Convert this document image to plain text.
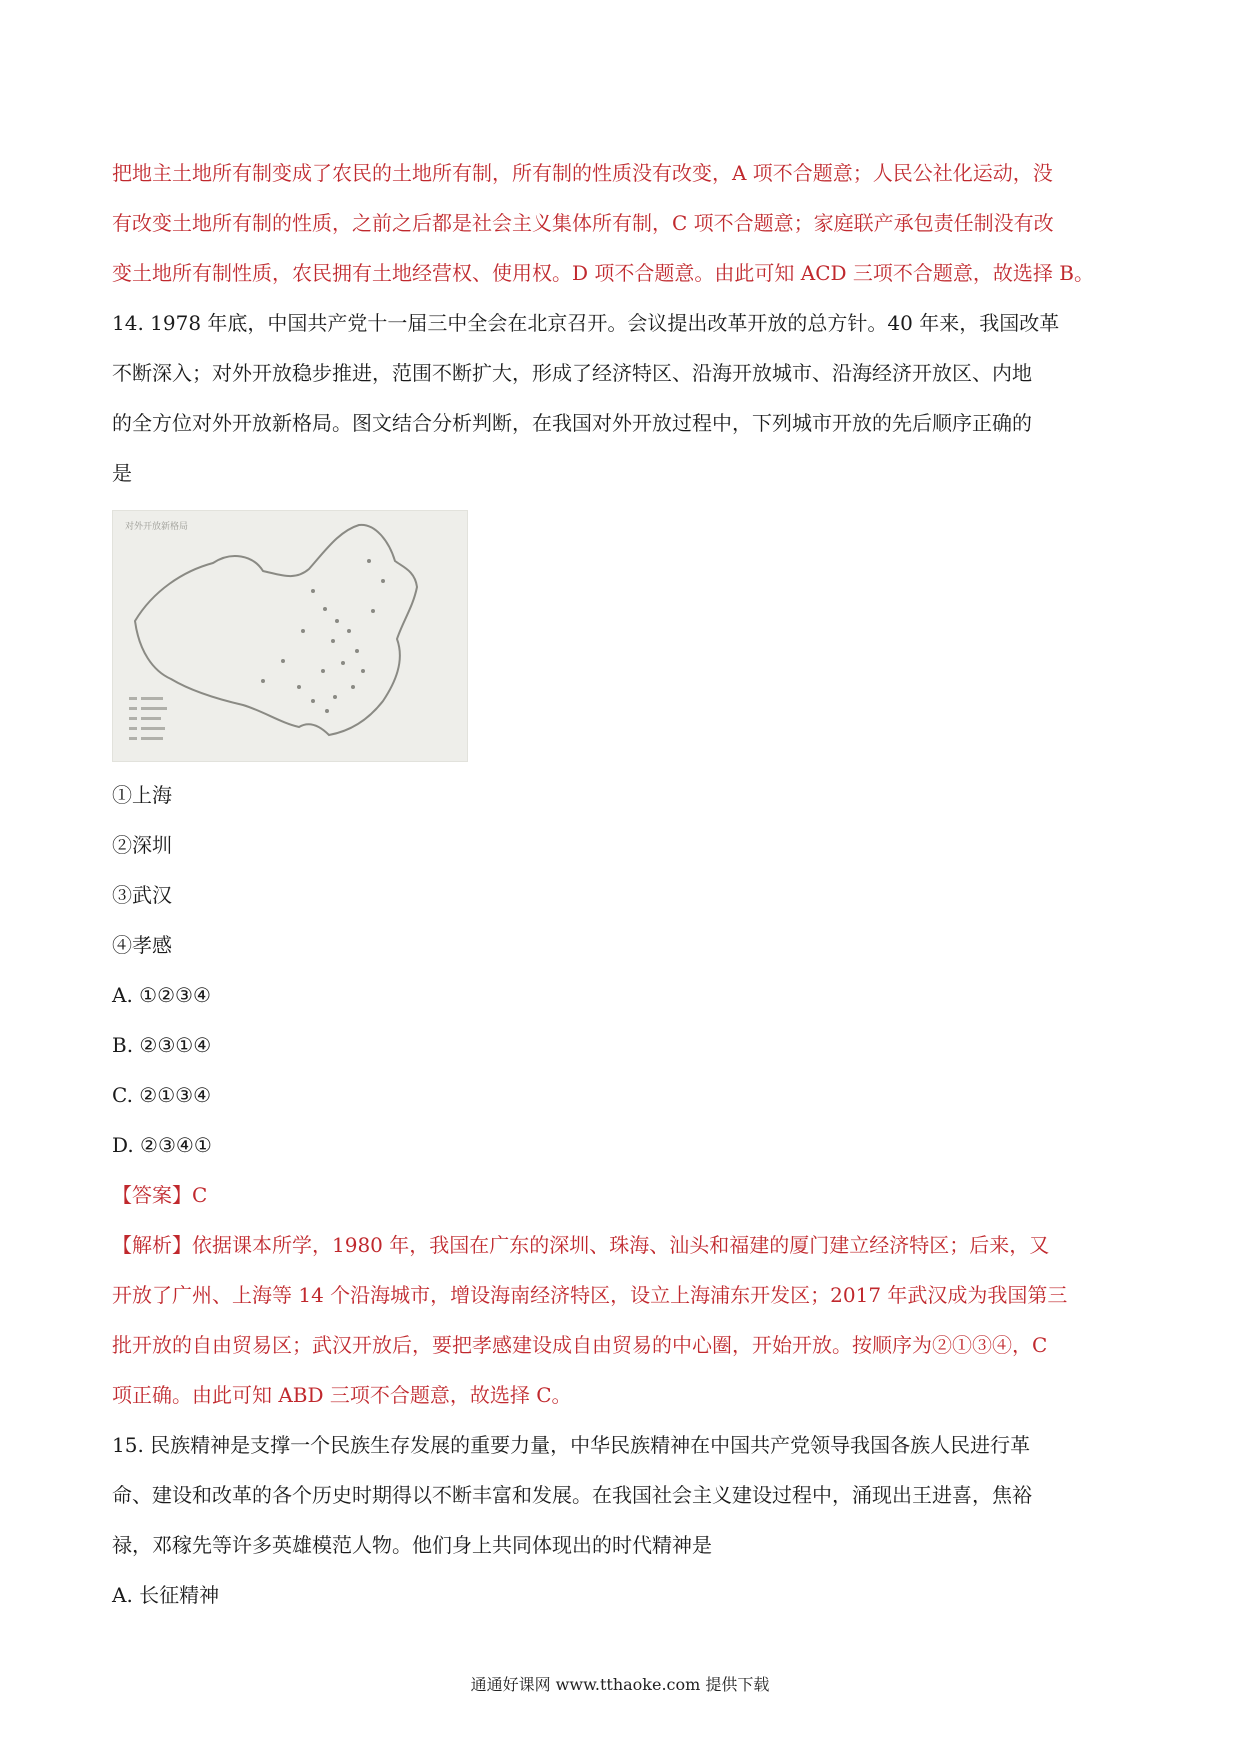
把地主土地所有制变成了农民的土地所有制，所有制的性质没有改变，A 项不合题意；人民公社化运动，没
有改变土地所有制的性质，之前之后都是社会主义集体所有制，C 项不合题意；家庭联产承包责任制没有改
变土地所有制性质，农民拥有土地经营权、使用权。D 项不合题意。由此可知 ACD 三项不合题意，故选择 B。
14. 1978 年底，中国共产党十一届三中全会在北京召开。会议提出改革开放的总方针。40 年来，我国改革
不断深入；对外开放稳步推进，范围不断扩大，形成了经济特区、沿海开放城市、沿海经济开放区、内地
的全方位对外开放新格局。图文结合分析判断，在我国对外开放过程中，下列城市开放的先后顺序正确的
是
对外开放新格局
①上海
②深圳
③武汉
④孝感
A. ①②③④
B. ②③①④
C. ②①③④
D. ②③④①
【答案】C
【解析】依据课本所学，1980 年，我国在广东的深圳、珠海、汕头和福建的厦门建立经济特区；后来，又
开放了广州、上海等 14 个沿海城市，增设海南经济特区，设立上海浦东开发区；2017 年武汉成为我国第三
批开放的自由贸易区；武汉开放后，要把孝感建设成自由贸易的中心圈，开始开放。按顺序为②①③④，C
项正确。由此可知 ABD 三项不合题意，故选择 C。
15. 民族精神是支撑一个民族生存发展的重要力量，中华民族精神在中国共产党领导我国各族人民进行革
命、建设和改革的各个历史时期得以不断丰富和发展。在我国社会主义建设过程中，涌现出王进喜，焦裕
禄，邓稼先等许多英雄模范人物。他们身上共同体现出的时代精神是
A. 长征精神
通通好课网 www.tthaoke.com 提供下载
